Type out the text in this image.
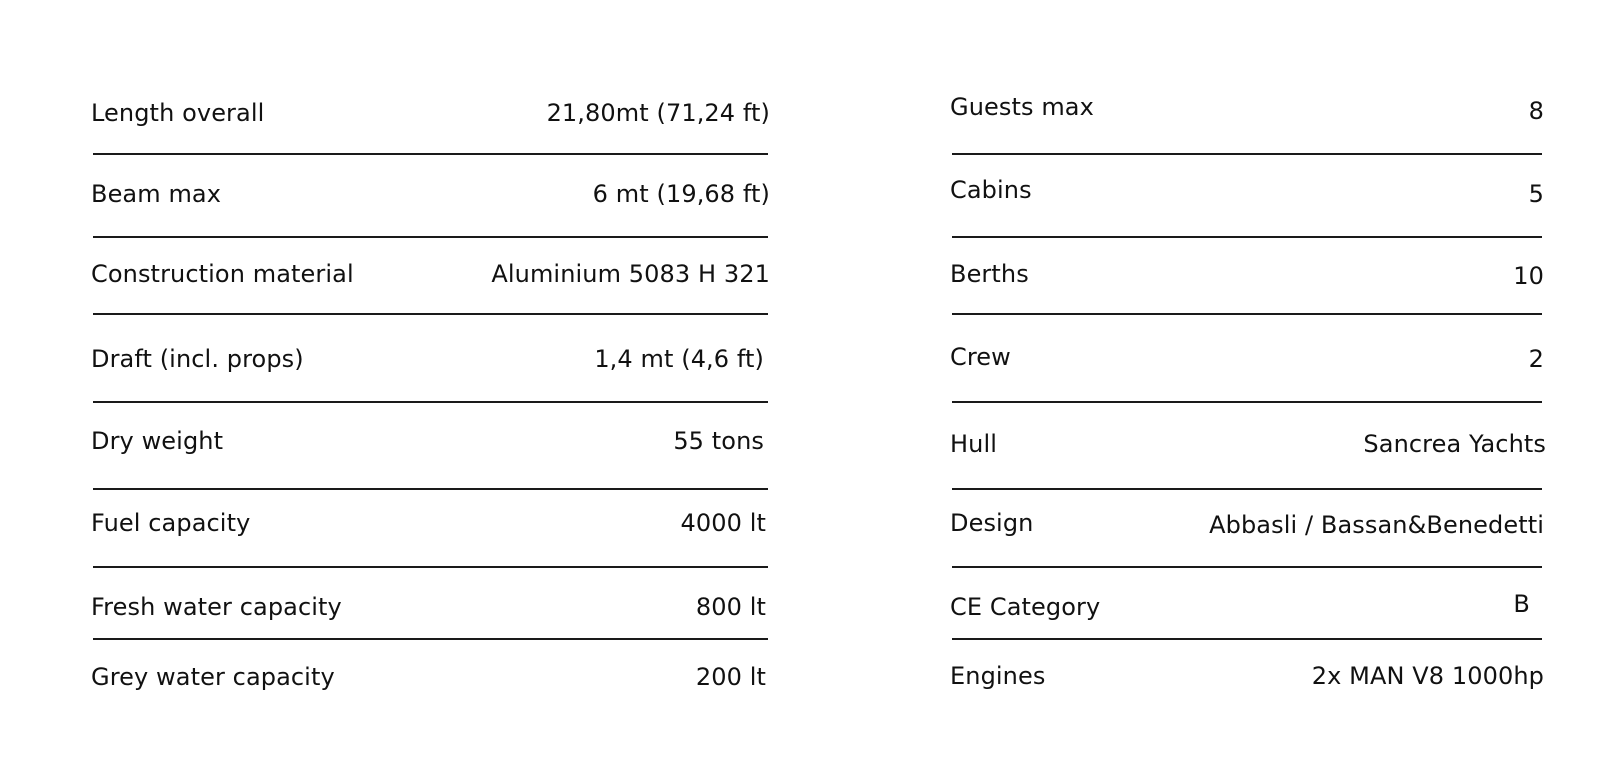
Length overall	21,80mt (71,24 ft)
Beam max	6 mt (19,68 ft)
Construction material	Aluminium 5083 H 321
Draft (incl. props)	1,4 mt (4,6 ft)
Dry weight	55 tons
Fuel capacity	4000 lt
Fresh water capacity	800 lt
Grey water capacity	200 lt
Guests max	8
Cabins	5
Berths	10
Crew	2
Hull	Sancrea Yachts
Design	Abbasli / Bassan&Benedetti
CE Category	B
Engines	2x MAN V8 1000hp
